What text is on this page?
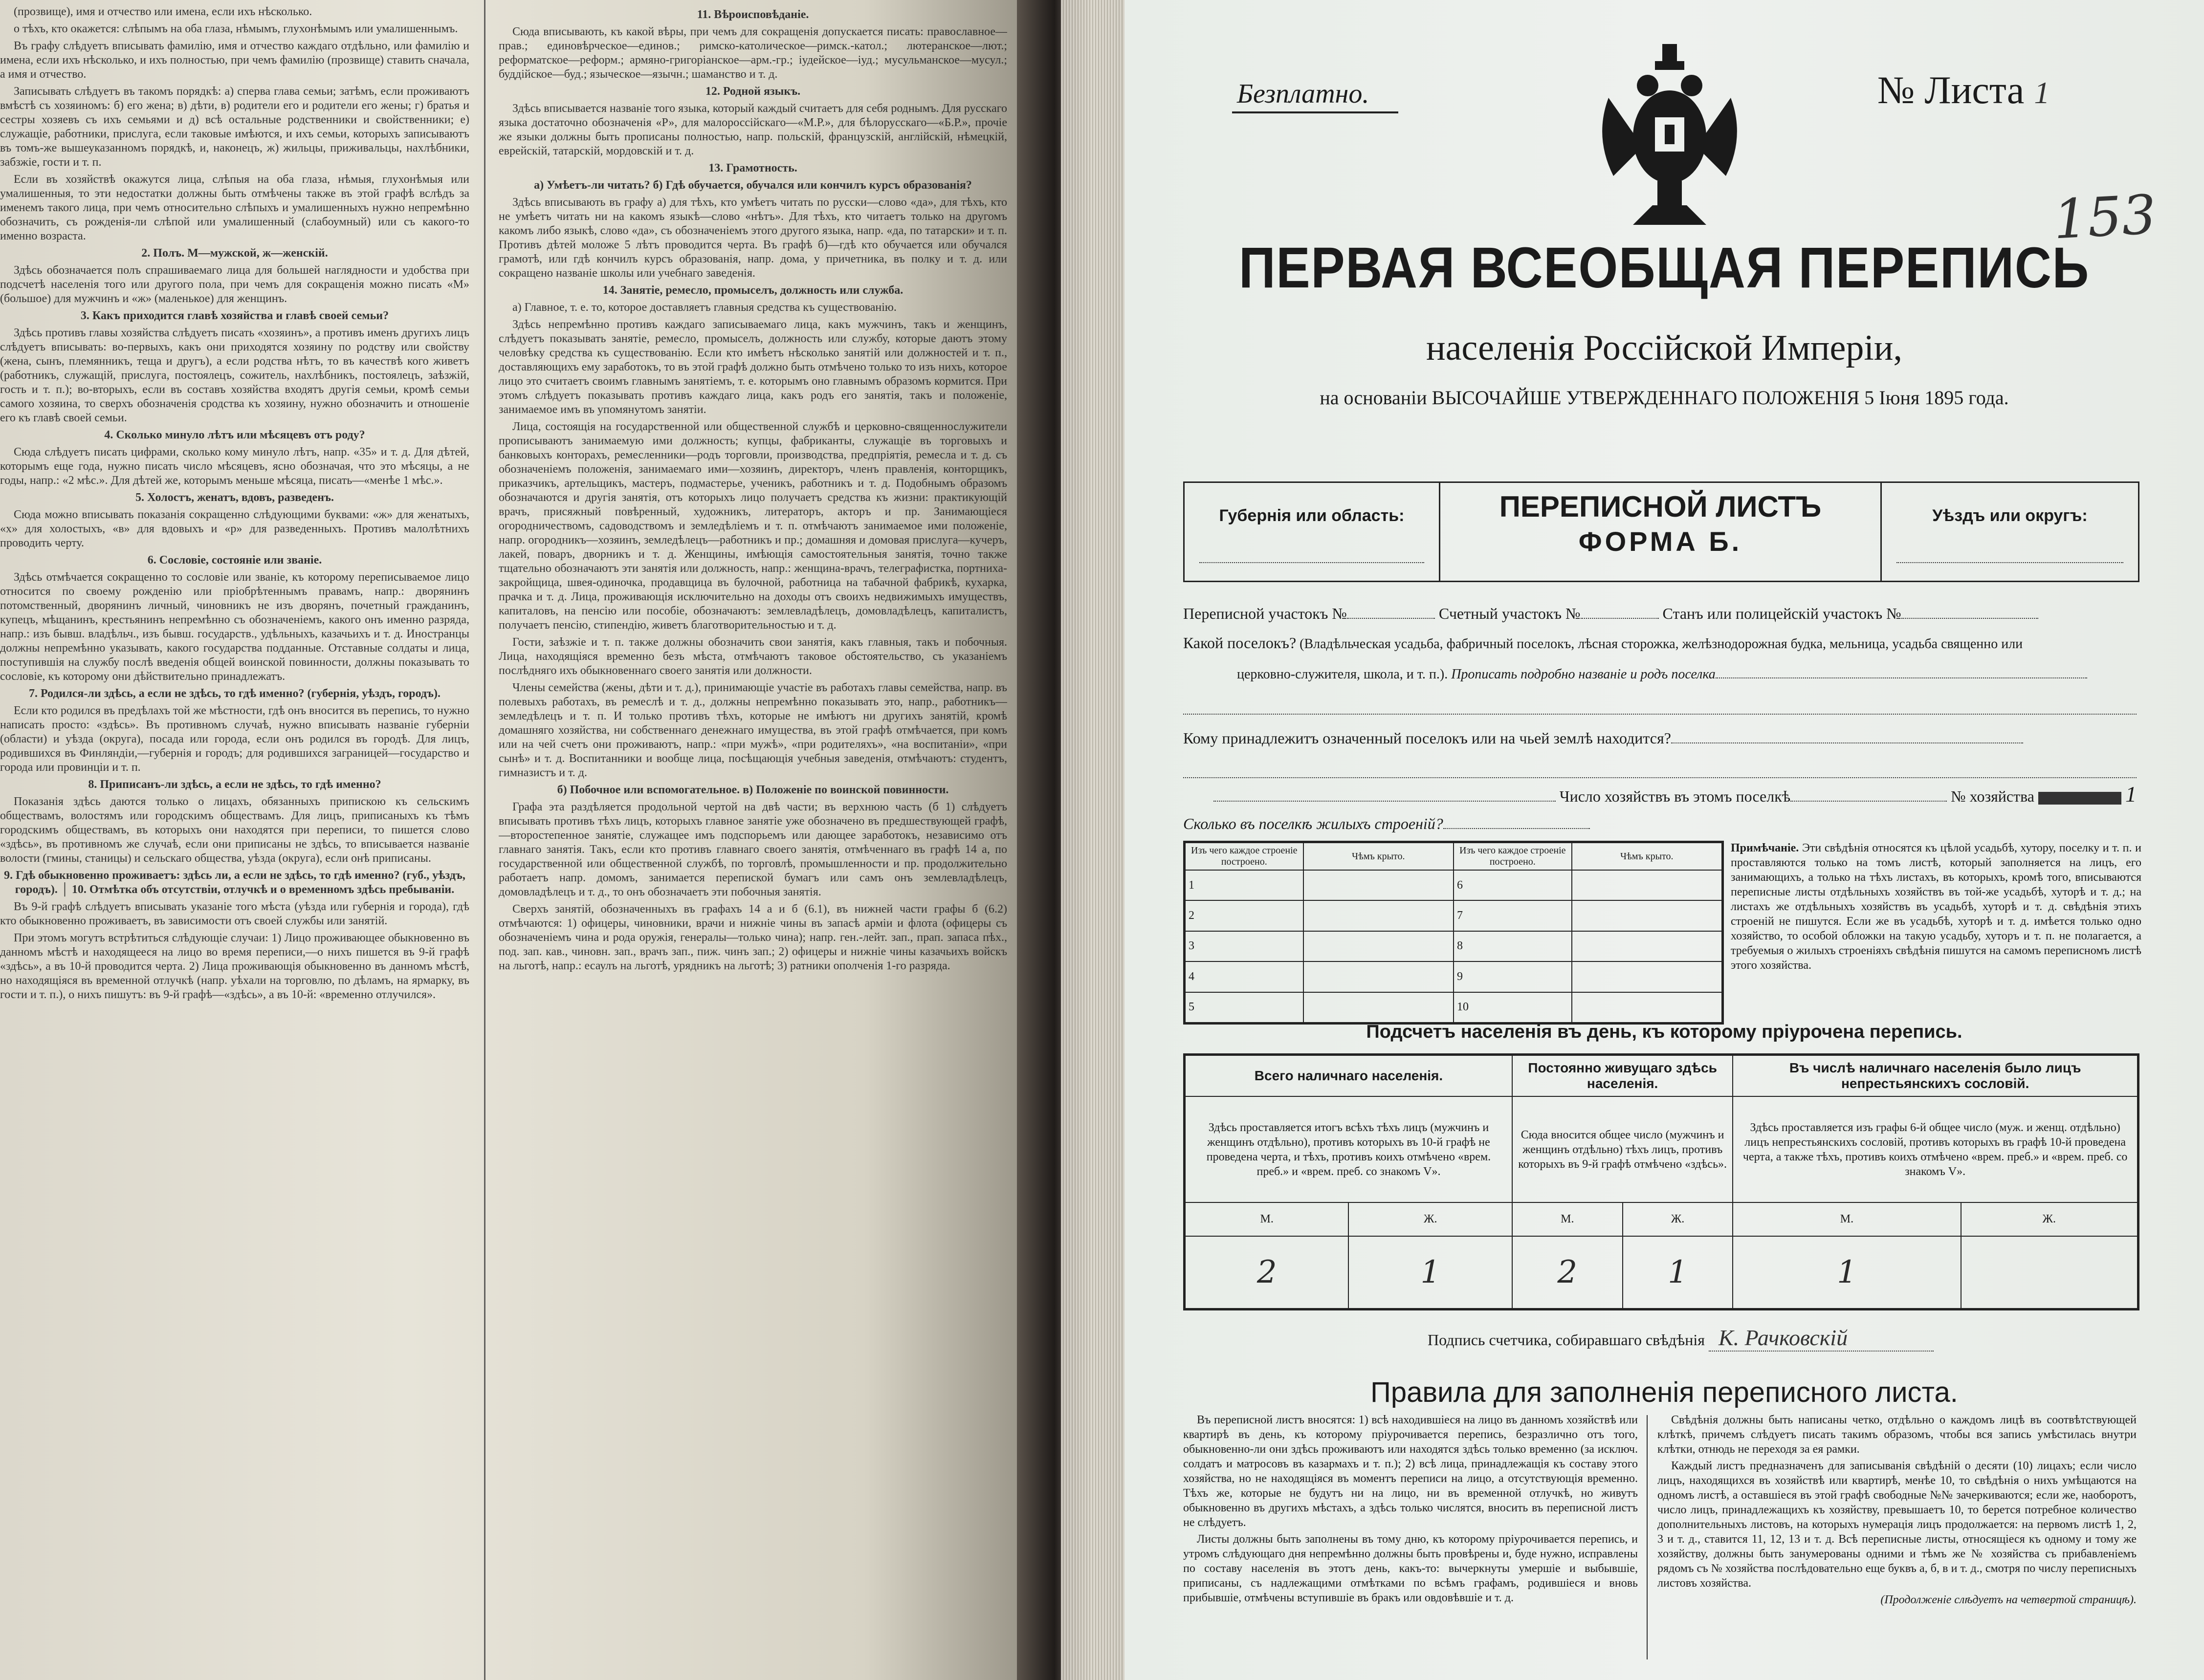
(прозвище), имя и отчество или имена, если ихъ нѣсколько.

о тѣхъ, кто окажется: слѣпымъ на оба глаза, нѣмымъ, глухонѣмымъ или умалишеннымъ.

Въ графу слѣдуетъ вписывать фамилію, имя и отчество каждаго отдѣльно, или фамилію и имена, если ихъ нѣсколько, и ихъ полностью, при чемъ фамилію (прозвище) ставить сначала, а имя и отчество.

Записывать слѣдуетъ въ такомъ порядкѣ: а) сперва глава семьи; затѣмъ, если проживаютъ вмѣстѣ съ хозяиномъ: б) его жена; в) дѣти, в) родители его и родители его жены; г) братья и сестры хозяевъ съ ихъ семьями и д) всѣ остальные родственники и свойственники; е) служащіе, работники, прислуга, если таковые имѣются, и ихъ семьи, которыхъ записываютъ въ томъ-же вышеуказанномъ порядкѣ, и, наконецъ, ж) жильцы, приживальцы, нахлѣбники, забзжіе, гости и т. п.

Если въ хозяйствѣ окажутся лица, слѣпыя на оба глаза, нѣмыя, глухонѣмыя или умалишенныя, то эти недостатки должны быть отмѣчены также въ этой графѣ вслѣдъ за именемъ такого лица, при чемъ относительно слѣпыхъ и умалишенныхъ нужно непремѣнно обозначить, съ рожденія-ли слѣпой или умалишенный (слабоумный) или съ какого-то именно возраста.

2. Полъ. М—мужской, ж—женскій.

Здѣсь обозначается полъ спрашиваемаго лица для большей наглядности и удобства при подсчетѣ населенія того или другого пола, при чемъ для сокращенія можно писать «М» (большое) для мужчинъ и «ж» (маленькое) для женщинъ.

3. Какъ приходится главѣ хозяйства и главѣ своей семьи?

Здѣсь противъ главы хозяйства слѣдуетъ писать «хозяинъ», а противъ именъ другихъ лицъ слѣдуетъ вписывать: во-первыхъ, какъ они приходятся хозяину по родству или свойству (жена, сынъ, племянникъ, теща и другъ), а если родства нѣтъ, то въ качествѣ кого живетъ (работникъ, служащій, прислуга, постоялецъ, сожитель, нахлѣбникъ, постоялецъ, заѣзжій, гость и т. п.); во-вторыхъ, если въ составъ хозяйства входятъ другія семьи, кромѣ семьи самого хозяина, то сверхъ обозначенія сродства къ хозяину, нужно обозначить и отношеніе его къ главѣ своей семьи.

4. Сколько минуло лѣтъ или мѣсяцевъ отъ роду?

Сюда слѣдуетъ писать цифрами, сколько кому минуло лѣтъ, напр. «35» и т. д. Для дѣтей, которымъ еще года, нужно писать число мѣсяцевъ, ясно обозначая, что это мѣсяцы, а не годы, напр.: «2 мѣс.». Для дѣтей же, которымъ меньше мѣсяца, писать—«менѣе 1 мѣс.».

5. Холостъ, женатъ, вдовъ, разведенъ.

Сюда можно вписывать показанія сокращенно слѣдующими буквами: «ж» для женатыхъ, «х» для холостыхъ, «в» для вдовыхъ и «р» для разведенныхъ. Противъ малолѣтнихъ проводить черту.

6. Сословіе, состояніе или званіе.

Здѣсь отмѣчается сокращенно то сословіе или званіе, къ которому переписываемое лицо относится по своему рожденію или пріобрѣтеннымъ правамъ, напр.: дворянинъ потомственный, дворянинъ личный, чиновникъ не изъ дворянъ, почетный гражданинъ, купецъ, мѣщанинъ, крестьянинъ непремѣнно съ обозначеніемъ, какого онъ именно разряда, напр.: изъ бывш. владѣльч., изъ бывш. государств., удѣльныхъ, казачьихъ и т. д. Иностранцы должны непремѣнно указывать, какого государства подданные. Отставные солдаты и лица, поступившія на службу послѣ введенія общей воинской повинности, должны показывать то сословіе, къ которому они дѣйствительно принадлежатъ.

7. Родился-ли здѣсь, а если не здѣсь, то гдѣ именно? (губернія, уѣздъ, городъ).

Если кто родился въ предѣлахъ той же мѣстности, гдѣ онъ вносится въ перепись, то нужно написать просто: «здѣсь». Въ противномъ случаѣ, нужно вписывать названіе губерніи (области) и уѣзда (округа), посада или города, если онъ родился въ городѣ. Для лицъ, родившихся въ Финляндіи,—губернія и городъ; для родившихся заграницей—государство и города или провинціи и т. п.

8. Приписанъ-ли здѣсь, а если не здѣсь, то гдѣ именно?

Показанія здѣсь даются только о лицахъ, обязанныхъ припискою къ сельскимъ обществамъ, волостямъ или городскимъ обществамъ. Для лицъ, приписаныхъ къ тѣмъ городскимъ обществамъ, въ которыхъ они находятся при переписи, то пишется слово «здѣсь», въ противномъ же случаѣ, если они приписаны не здѣсь, то вписывается названіе волости (гмины, станицы) и сельскаго общества, уѣзда (округа), если онѣ приписаны.

9. Гдѣ обыкновенно проживаетъ: здѣсь ли, а если не здѣсь, то гдѣ именно? (губ., уѣздъ, городъ). │ 10. Отмѣтка объ отсутствіи, отлучкѣ и о временномъ здѣсь пребываніи.

Въ 9-й графѣ слѣдуетъ вписывать указаніе того мѣста (уѣзда или губернія и города), гдѣ кто обыкновенно проживаетъ, въ зависимости отъ своей службы или занятій.

При этомъ могутъ встрѣтиться слѣдующіе случаи: 1) Лицо проживающее обыкновенно въ данномъ мѣстѣ и находящееся на лицо во время переписи,—о нихъ пишется въ 9-й графѣ «здѣсь», а въ 10-й проводится черта. 2) Лица проживающія обыкновенно въ данномъ мѣстѣ, но находящіяся въ временной отлучкѣ (напр. уѣхали на торговлю, по дѣламъ, на ярмарку, въ гости и т. п.), о нихъ пишутъ: въ 9-й графѣ—«здѣсь», а въ 10-й: «временно отлучился».

11. Вѣроисповѣданіе.

Сюда вписывають, къ какой вѣры, при чемъ для сокращенія допускается писать: православное—прав.; единовѣрческое—единов.; римско-католическое—римск.-катол.; лютеранское—лют.; реформатское—реформ.; армяно-григоріанское—арм.-гр.; іудейское—іуд.; мусульманское—мусул.; буддійское—буд.; языческое—язычн.; шаманство и т. д.

12. Родной языкъ.

Здѣсь вписывается названіе того языка, который каждый считаетъ для себя роднымъ. Для русскаго языка достаточно обозначенія «Р», для малороссійскаго—«М.Р.», для бѣлорусскаго—«Б.Р.», прочіе же языки должны быть прописаны полностью, напр. польскій, французскій, англійскій, нѣмецкій, еврейскій, татарскій, мордовскій и т. д.

13. Грамотность.
а) Умѣетъ-ли читать? б) Гдѣ обучается, обучался или кончилъ курсъ образованія?

Здѣсь вписывають въ графу а) для тѣхъ, кто умѣетъ читать по русски—слово «да», для тѣхъ, кто не умѣетъ читать ни на какомъ языкѣ—слово «нѣтъ». Для тѣхъ, кто читаетъ только на другомъ какомъ либо языкѣ, слово «да», съ обозначеніемъ этого другого языка, напр. «да, по татарски» и т. п. Противъ дѣтей моложе 5 лѣтъ проводится черта. Въ графѣ б)—гдѣ кто обучается или обучался грамотѣ, или гдѣ кончилъ курсъ образованія, напр. дома, у причетника, въ полку и т. д. или сокращено названіе школы или учебнаго заведенія.

14. Занятіе, ремесло, промыселъ, должность или служба.

а) Главное, т. е. то, которое доставляетъ главныя средства къ существованію.

Здѣсь непремѣнно противъ каждаго записываемаго лица, какъ мужчинъ, такъ и женщинъ, слѣдуетъ показывать занятіе, ремесло, промыселъ, должность или службу, которые даютъ этому человѣку средства къ существованію. Если кто имѣетъ нѣсколько занятій или должностей и т. п., доставляющихъ ему заработокъ, то въ этой графѣ должно быть отмѣчено только то изъ нихъ, которое лицо это считаетъ своимъ главнымъ занятіемъ, т. е. которымъ оно главнымъ образомъ кормится. При этомъ слѣдуетъ показывать противъ каждаго лица, какъ родъ его занятія, такъ и положеніе, занимаемое имъ въ упомянутомъ занятіи.

Лица, состоящія на государственной или общественной службѣ и церковно-священнослужители прописываютъ занимаемую ими должность; купцы, фабриканты, служащіе въ торговыхъ и банковыхъ конторахъ, ремесленники—родъ торговли, производства, предпріятія, ремесла и т. д. съ обозначеніемъ положенія, занимаемаго ими—хозяинъ, директоръ, членъ правленія, конторщикъ, приказчикъ, артельщикъ, мастеръ, подмастерье, ученикъ, работникъ и т. д. Подобнымъ образомъ обозначаются и другія занятія, отъ которыхъ лицо получаетъ средства къ жизни: практикующій врачъ, присяжный повѣренный, художникъ, литераторъ, акторъ и пр. Занимающіеся огородничествомъ, садоводствомъ и земледѣліемъ и т. п. отмѣчаютъ занимаемое ими положеніе, напр. огородникъ—хозяинъ, земледѣлецъ—работникъ и пр.; домашняя и домовая прислуга—кучеръ, лакей, поваръ, дворникъ и т. д. Женщины, имѣющія самостоятельныя занятія, точно также тщательно обозначаютъ эти занятія или должность, напр.: женщина-врачъ, телеграфистка, портниха-закройщица, швея-одиночка, продавщица въ булочной, работница на табачной фабрикѣ, кухарка, прачка и т. д. Лица, проживающія исключительно на доходы отъ своихъ недвижимыхъ имуществъ, капиталовъ, на пенсію или пособіе, обозначаютъ: землевладѣлецъ, домовладѣлецъ, капиталистъ, получаетъ пенсію, стипендію, живетъ благотворительностью и т. д.

Гости, заѣзжіе и т. п. также должны обозначить свои занятія, какъ главныя, такъ и побочныя. Лица, находящіяся временно безъ мѣста, отмѣчаютъ таковое обстоятельство, съ указаніемъ послѣдняго ихъ обыкновеннаго своего занятія или должности.

Члены семейства (жены, дѣти и т. д.), принимающіе участіе въ работахъ главы семейства, напр. въ полевыхъ работахъ, въ ремеслѣ и т. д., должны непремѣнно показывать это, напр., работникъ—земледѣлецъ и т. п. И только противъ тѣхъ, которые не имѣютъ ни другихъ занятій, кромѣ домашняго хозяйства, ни собственнаго денежнаго имущества, въ этой графѣ отмѣчается, при комъ или на чей счетъ они проживаютъ, напр.: «при мужѣ», «при родителяхъ», «на воспитаніи», «при сынѣ» и т. д. Воспитанники и вообще лица, посѣщающія учебныя заведенія, отмѣчаютъ: студентъ, гимназистъ и т. д.

б) Побочное или вспомогательное. в) Положеніе по воинской повинности.

Графа эта раздѣляется продольной чертой на двѣ части; въ верхнюю часть (б 1) слѣдуетъ вписывать противъ тѣхъ лицъ, которыхъ главное занятіе уже обозначено въ предшествующей графѣ,—второстепенное занятіе, служащее имъ подспорьемъ или дающее заработокъ, независимо отъ главнаго занятія. Такъ, если кто противъ главнаго своего занятія, отмѣченнаго въ графѣ 14 а, по государственной или общественной службѣ, по торговлѣ, промышленности и пр. продолжительно работаетъ напр. домомъ, занимается перепиской бумагъ или самъ онъ землевладѣлецъ, домовладѣлецъ и т. д., то онъ обозначаетъ эти побочныя занятія.

Сверхъ занятій, обозначенныхъ въ графахъ 14 а и б (6.1), въ нижней части графы б (6.2) отмѣчаются: 1) офицеры, чиновники, врачи и нижніе чины въ запасѣ арміи и флота (офицеры съ обозначеніемъ чина и рода оружія, генералы—только чина); напр. ген.-лейт. зап., прап. запаса пѣх., под. зап. кав., чиновн. зап., врачъ зап., пиж. чинъ зап.; 2) офицеры и нижніе чины казачьихъ войскъ на льготѣ, напр.: есаулъ на льготѣ, урядникъ на льготѣ; 3) ратники ополченія 1-го разряда.

Безплатно.	№ Листа 1
153
ПЕРВАЯ ВСЕОБЩАЯ ПЕРЕПИСЬ
населенія Россійской Имперіи,
на основаніи ВЫСОЧАЙШЕ УТВЕРЖДЕННАГО ПОЛОЖЕНІЯ 5 Іюня 1895 года.
Губернія или область:	ПЕРЕПИСНОЙ ЛИСТЪ
ФОРМА Б.
Уѣздъ или округъ:
Переписной участокъ №	Счетный участокъ №	Станъ или полицейскій участокъ №
Какой поселокъ? (Владѣльческая усадьба, фабричный поселокъ, лѣсная сторожка, желѣзнодорожная будка, мельница, усадьба священно или
церковно-служителя, школа, и т. п.). Прописать подробно названіе и родъ поселка
Кому принадлежитъ означенный поселокъ или на чьей землѣ находится?
Число хозяйствъ въ этомъ поселкѣ	№ хозяйства	1
Сколько въ поселкѣ жилыхъ строеній?
Изъ чего каждое строеніе построено.	Чѣмъ крыто.	Изъ чего каждое строеніе построено.	Чѣмъ крыто.
1		6	
2		7	
3		8	
4		9	
5		10	
Примѣчаніе. Эти свѣдѣнія относятся къ цѣлой усадьбѣ, хутору, поселку и т. п. и проставляются только на томъ листѣ, который заполняется на лицъ, его занимающихъ, а только на тѣхъ листахъ, въ которыхъ, кромѣ того, вписываются переписные листы отдѣльныхъ хозяйствъ въ той-же усадьбѣ, хуторѣ и т. д.; на листахъ же отдѣльныхъ хозяйствъ въ усадьбѣ, хуторѣ и т. д. свѣдѣнія этихъ строеній не пишутся. Если же въ усадьбѣ, хуторѣ и т. д. имѣется только одно хозяйство, то особой обложки на такую усадьбу, хуторъ и т. п. не полагается, а требуемыя о жилыхъ строеніяхъ свѣдѣнія пишутся на самомъ переписномъ листѣ этого хозяйства.
Подсчетъ населенія въ день, къ которому пріурочена перепись.
Всего наличнаго населенія.		Постоянно живущаго здѣсь населенія.		Въ числѣ наличнаго населенія было лицъ непрестьянскихъ сословій.	
Здѣсь проставляется итогъ всѣхъ тѣхъ лицъ (мужчинъ и женщинъ отдѣльно), противъ которыхъ въ 10-й графѣ не проведена черта, и тѣхъ, противъ коихъ отмѣчено «врем. преб.» и «врем. преб. со знакомъ V».		Сюда вносится общее число (мужчинъ и женщинъ отдѣльно) тѣхъ лицъ, противъ которыхъ въ 9-й графѣ отмѣчено «здѣсь».		Здѣсь проставляется изъ графы 6-й общее число (муж. и женщ. отдѣльно) лицъ непрестьянскихъ сословій, противъ которыхъ въ графѣ 10-й проведена черта, а также тѣхъ, противъ коихъ отмѣчено «врем. преб.» и «врем. преб. со знакомъ V».	
М.	Ж.	М.	Ж.	М.	Ж.
2	1	2	1	1	
Подпись счетчика, собиравшаго свѣдѣнія К. Рачковскій
Правила для заполненія переписного листа.

Въ переписной листъ вносятся: 1) всѣ находившіеся на лицо въ данномъ хозяйствѣ или квартирѣ въ день, къ которому пріурочивается перепись, безразлично отъ того, обыкновенно-ли они здѣсь проживаютъ или находятся здѣсь только временно (за исключ. солдатъ и матросовъ въ казармахъ и т. п.); 2) всѣ лица, принадлежащія къ составу этого хозяйства, но не находящіяся въ моментъ переписи на лицо, а отсутствующія временно. Тѣхъ же, которые не будутъ ни на лицо, ни въ временной отлучкѣ, но живутъ обыкновенно въ другихъ мѣстахъ, а здѣсь только числятся, вносить въ переписной листъ не слѣдуетъ.

Листы должны быть заполнены въ тому дню, къ которому пріурочивается перепись, и утромъ слѣдующаго дня непремѣнно должны быть провѣрены и, буде нужно, исправлены по составу населенія въ этотъ день, какъ-то: вычеркнуты умершіе и выбывшіе, приписаны, съ надлежащими отмѣтками по всѣмъ графамъ, родившіеся и вновь прибывшіе, отмѣчены вступившіе въ бракъ или овдовѣвшіе и т. д.

Свѣдѣнія должны быть написаны четко, отдѣльно о каждомъ лицѣ въ соотвѣтствующей клѣткѣ, причемъ слѣдуетъ писать такимъ образомъ, чтобы вся запись умѣстилась внутри клѣтки, отнюдь не переходя за ея рамки.

Каждый листъ предназначенъ для записыванія свѣдѣній о десяти (10) лицахъ; если число лицъ, находящихся въ хозяйствѣ или квартирѣ, менѣе 10, то свѣдѣнія о нихъ умѣщаются на одномъ листѣ, а оставшіеся въ этой графѣ свободные №№ зачеркиваются; если же, наоборотъ, число лицъ, принадлежащихъ къ хозяйству, превышаетъ 10, то берется потребное количество дополнительныхъ листовъ, на которыхъ нумерація лицъ продолжается: на первомъ листѣ 1, 2, 3 и т. д., ставится 11, 12, 13 и т. д. Всѣ переписные листы, относящіеся къ одному и тому же хозяйству, должны быть занумерованы одними и тѣмъ же № хозяйства съ прибавленіемъ рядомъ съ № хозяйства послѣдовательно еще буквъ а, б, в и т. д., смотря по числу переписныхъ листовъ хозяйства.

(Продолженіе слѣдуетъ на четвертой страницѣ).
